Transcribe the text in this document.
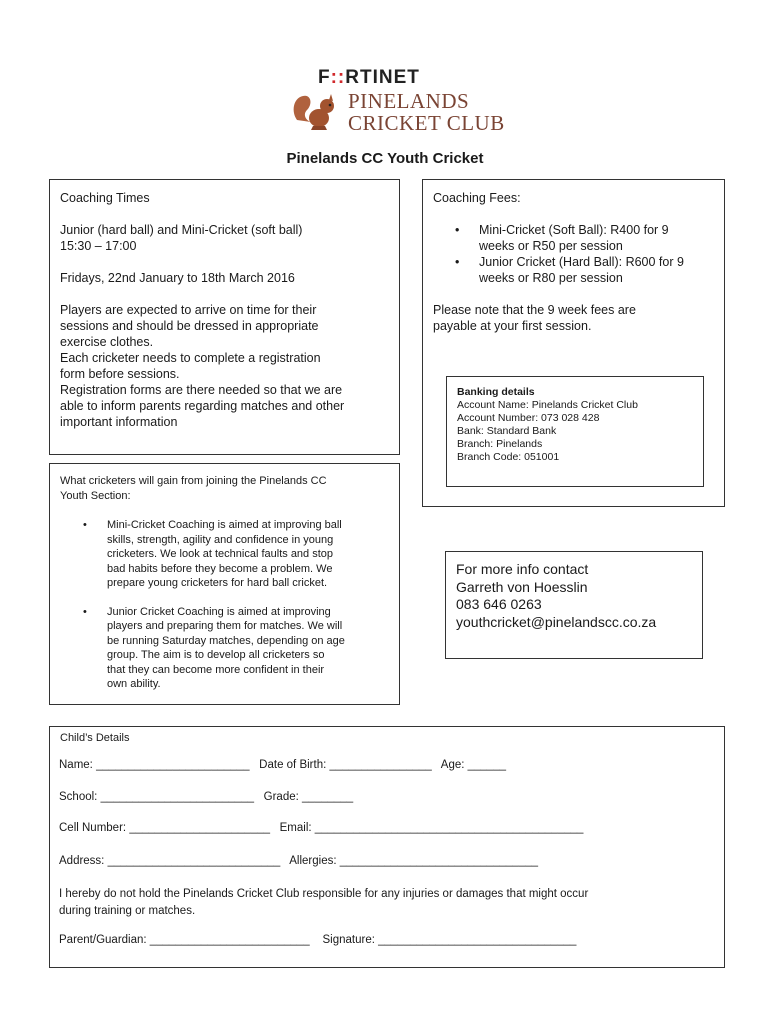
F::RTINET
PINELANDS
CRICKET CLUB
Pinelands CC Youth Cricket
Coaching Times
Junior (hard ball) and Mini-Cricket (soft ball)
15:30 – 17:00
Fridays, 22nd January to 18th March 2016
Players are expected to arrive on time for their
sessions and should be dressed in appropriate
exercise clothes.
Each cricketer needs to complete a registration
form before sessions.
Registration forms are there needed so that we are
able to inform parents regarding matches and other
important information
Coaching Fees:
• Mini-Cricket (Soft Ball): R400 for 9
weeks or R50 per session
• Junior Cricket (Hard Ball): R600 for 9
weeks or R80 per session
Please note that the 9 week fees are
payable at your first session.
Banking details
Account Name: Pinelands Cricket Club
Account Number: 073 028 428
Bank: Standard Bank
Branch: Pinelands
Branch Code: 051001
What cricketers will gain from joining the Pinelands CC
Youth Section:
• Mini-Cricket Coaching is aimed at improving ball
skills, strength, agility and confidence in young
cricketers. We look at technical faults and stop
bad habits before they become a problem. We
prepare young cricketers for hard ball cricket.
• Junior Cricket Coaching is aimed at improving
players and preparing them for matches. We will
be running Saturday matches, depending on age
group. The aim is to develop all cricketers so
that they can become more confident in their
own ability.
For more info contact
Garreth von Hoesslin
083 646 0263
youthcricket@pinelandscc.co.za
Child’s Details
Name: ________________________ Date of Birth: ________________ Age: ______
School: ________________________ Grade: ________
Cell Number: ______________________ Email: __________________________________________
Address: ___________________________ Allergies: _______________________________
I hereby do not hold the Pinelands Cricket Club responsible for any injuries or damages that might occur
during training or matches.
Parent/Guardian: _________________________ Signature: _______________________________
